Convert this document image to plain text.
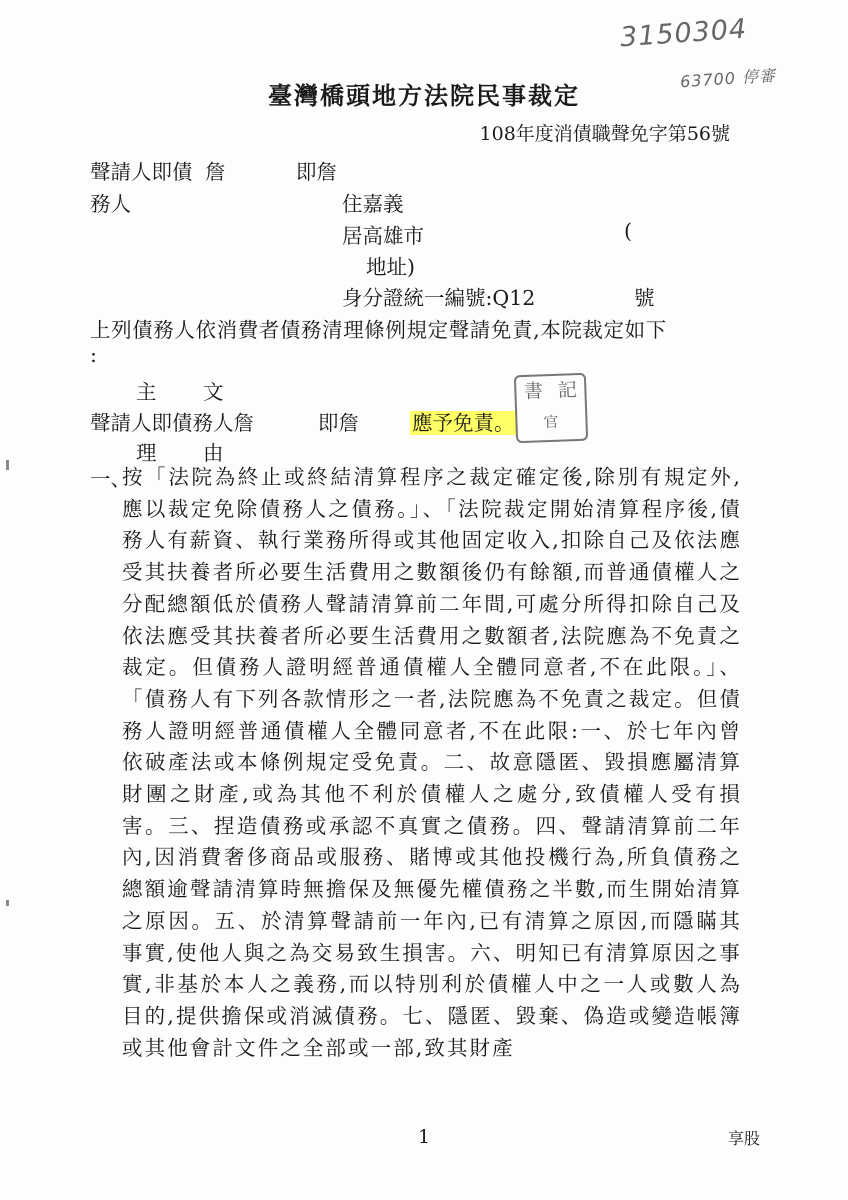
3150304
63700 停審
臺灣橋頭地方法院民事裁定
108年度消債職聲免字第56號
聲請人即債 詹	即詹
務人	住嘉義
居高雄市	(
地址)
身分證統一編號:Q12	號
上列債務人依消費者債務清理條例規定聲請免責,本院裁定如下
:
主 文
聲請人即債務人詹	即詹	應予免責。
書 記
官
理 由
一、
按「法院為終止或終結清算程序之裁定確定後,除別有規定外,應以裁定免除債務人之債務。」、「法院裁定開始清算程序後,債務人有薪資、執行業務所得或其他固定收入,扣除自己及依法應受其扶養者所必要生活費用之數額後仍有餘額,而普通債權人之分配總額低於債務人聲請清算前二年間,可處分所得扣除自己及依法應受其扶養者所必要生活費用之數額者,法院應為不免責之裁定。但債務人證明經普通債權人全體同意者,不在此限。」、「債務人有下列各款情形之一者,法院應為不免責之裁定。但債務人證明經普通債權人全體同意者,不在此限:一、於七年內曾依破產法或本條例規定受免責。二、故意隱匿、毀損應屬清算財團之財產,或為其他不利於債權人之處分,致債權人受有損害。三、捏造債務或承認不真實之債務。四、聲請清算前二年內,因消費奢侈商品或服務、賭博或其他投機行為,所負債務之總額逾聲請清算時無擔保及無優先權債務之半數,而生開始清算之原因。五、於清算聲請前一年內,已有清算之原因,而隱瞞其事實,使他人與之為交易致生損害。六、明知已有清算原因之事實,非基於本人之義務,而以特別利於債權人中之一人或數人為目的,提供擔保或消滅債務。七、隱匿、毀棄、偽造或變造帳簿或其他會計文件之全部或一部,致其財產
1	享股
